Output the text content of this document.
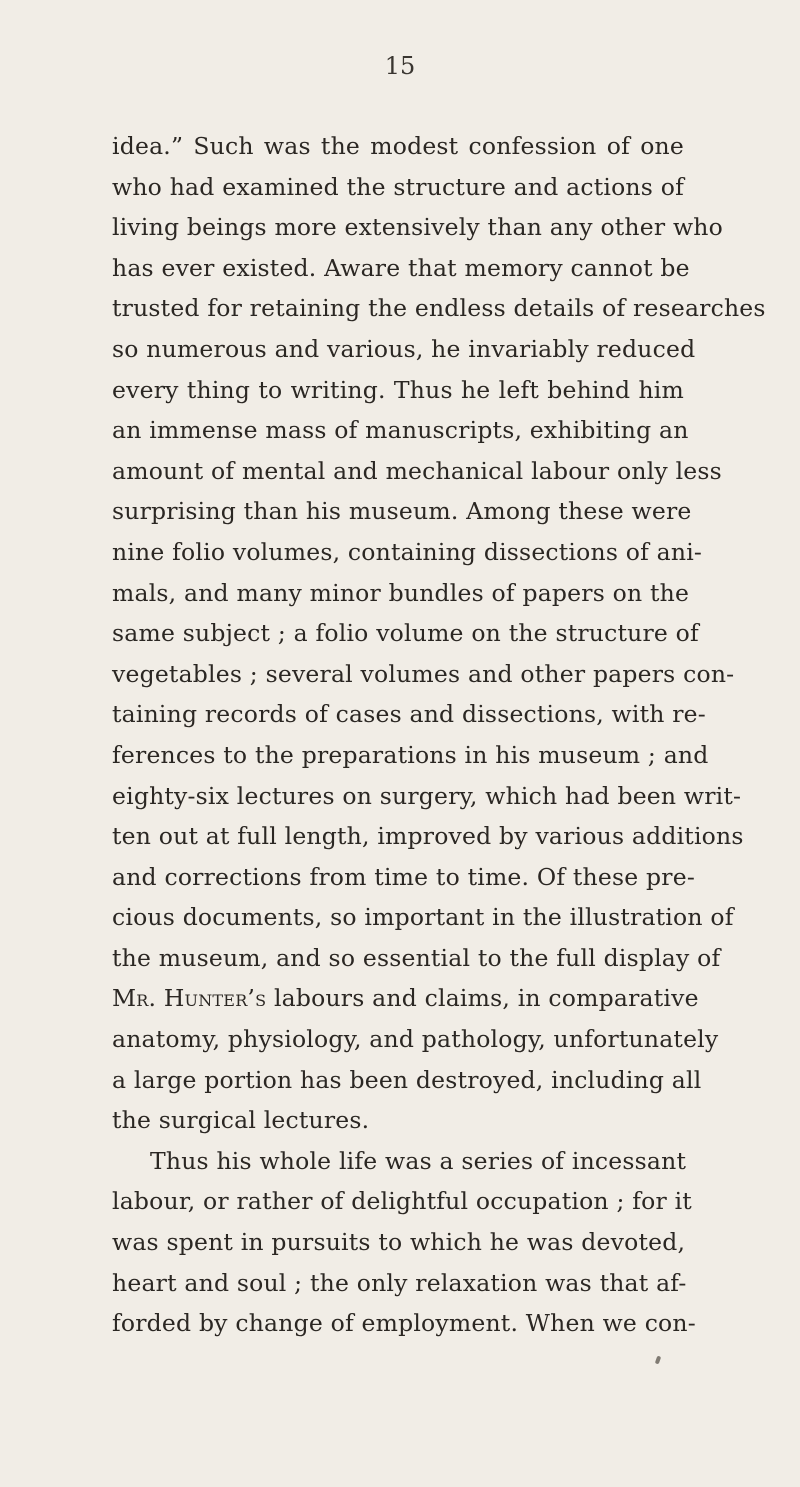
15
idea.” Such was the modest confession of one
who had examined the structure and actions of
living beings more extensively than any other who
has ever existed. Aware that memory cannot be
trusted for retaining the endless details of researches
so numerous and various, he invariably reduced
every thing to writing. Thus he left behind him
an immense mass of manuscripts, exhibiting an
amount of mental and mechanical labour only less
surprising than his museum. Among these were
nine folio volumes, containing dissections of ani-
mals, and many minor bundles of papers on the
same subject ; a folio volume on the structure of
vegetables ; several volumes and other papers con-
taining records of cases and dissections, with re-
ferences to the preparations in his museum ; and
eighty-six lectures on surgery, which had been writ-
ten out at full length, improved by various additions
and corrections from time to time. Of these pre-
cious documents, so important in the illustration of
the museum, and so essential to the full display of
Mr. Hunter’s labours and claims, in comparative
anatomy, physiology, and pathology, unfortunately
a large portion has been destroyed, including all
the surgical lectures.
Thus his whole life was a series of incessant
labour, or rather of delightful occupation ; for it
was spent in pursuits to which he was devoted,
heart and soul ; the only relaxation was that af-
forded by change of employment. When we con-
